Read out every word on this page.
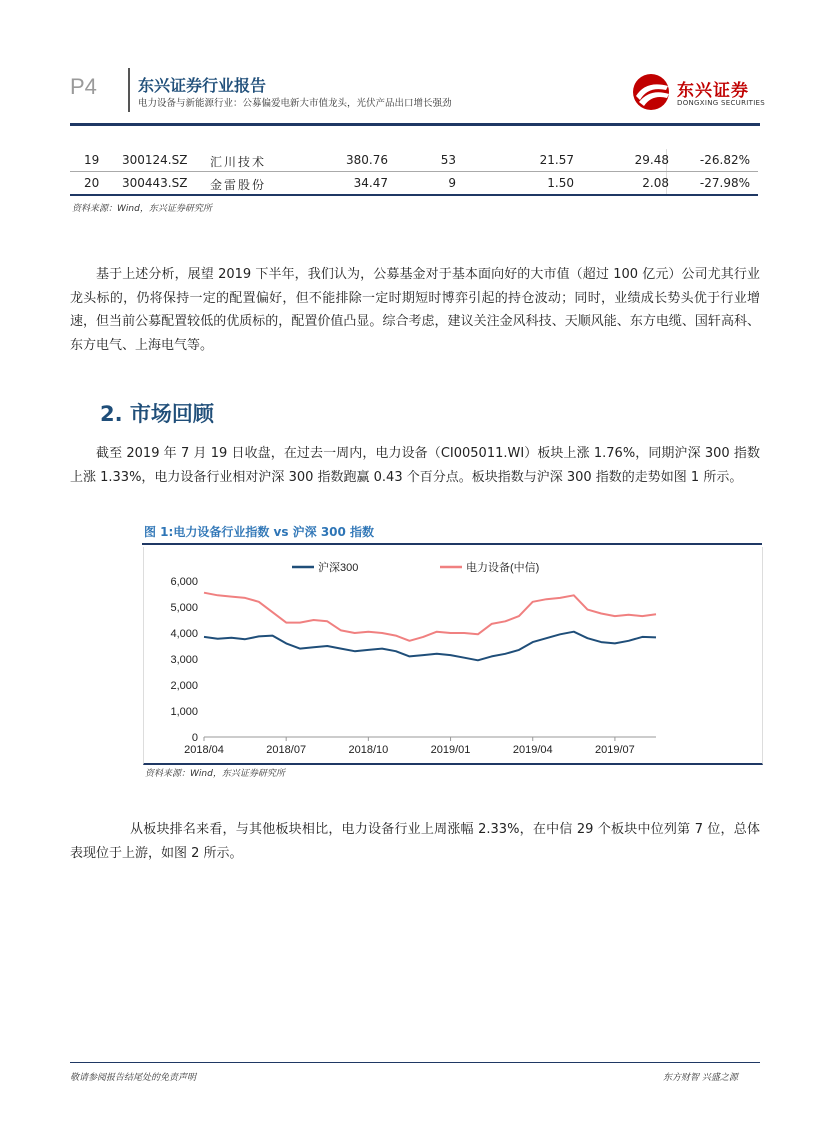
P4	东兴证券行业报告
电力设备与新能源行业：公募偏爱电新大市值龙头，光伏产品出口增长强劲
东兴证券
DONGXING SECURITIES
19 300124.SZ 汇川技术	380.76	53	21.57	29.48	-26.82%
20 300443.SZ 金雷股份	34.47	9	1.50	2.08	-27.98%
资料来源：Wind，东兴证券研究所
基于上述分析，展望 2019 下半年，我们认为，公募基金对于基本面向好的大市值（超过 100 亿元）公司尤其行业龙头标的，仍将保持一定的配置偏好，但不能排除一定时期短时博弈引起的持仓波动；同时，业绩成长势头优于行业增速，但当前公募配置较低的优质标的，配置价值凸显。综合考虑，建议关注金风科技、天顺风能、东方电缆、国轩高科、东方电气、上海电气等。
2. 市场回顾
截至 2019 年 7 月 19 日收盘，在过去一周内，电力设备（CI005011.WI）板块上涨 1.76%，同期沪深 300 指数上涨 1.33%，电力设备行业相对沪深 300 指数跑赢 0.43 个百分点。板块指数与沪深 300 指数的走势如图 1 所示。
图 1:电力设备行业指数 vs 沪深 300 指数
沪深300	电力设备(中信)
0
1,000
2,000
3,000
4,000
5,000
6,000
2018/04	2018/07	2018/10	2019/01	2019/04	2019/07
资料来源：Wind，东兴证券研究所
从板块排名来看，与其他板块相比，电力设备行业上周涨幅 2.33%，在中信 29 个板块中位列第 7 位，总体表现位于上游，如图 2 所示。
敬请参阅报告结尾处的免责声明	东方财智 兴盛之源
